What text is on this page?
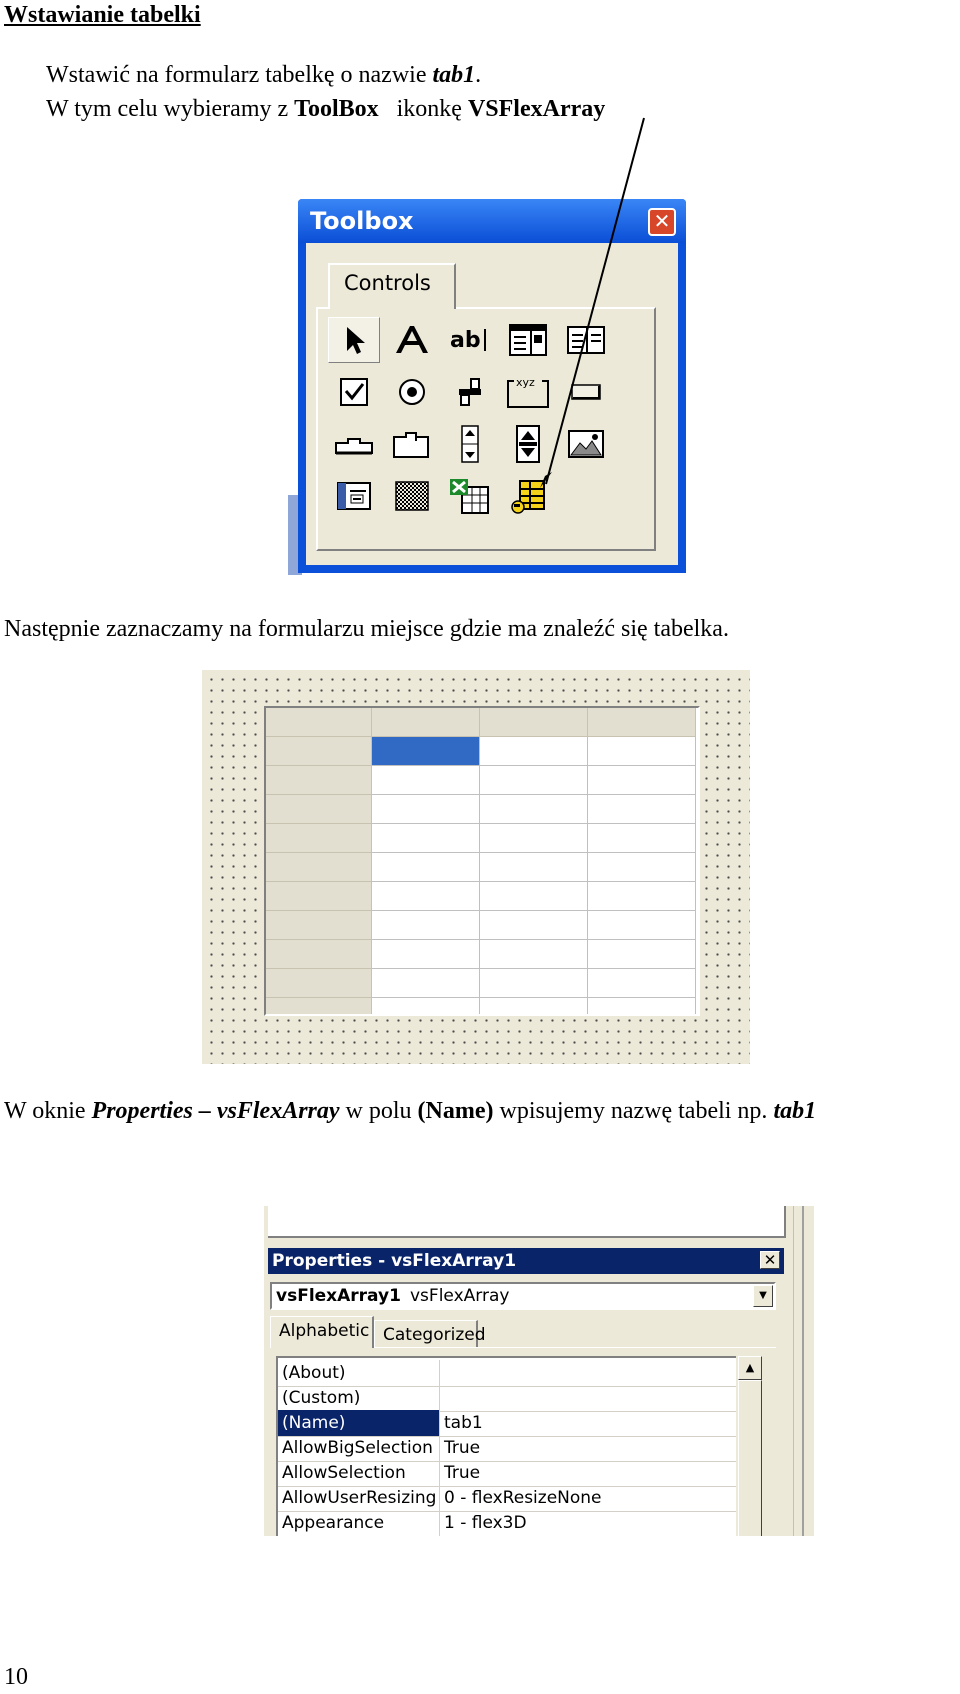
Wstawianie tabelki
Wstawić na formularz tabelkę o nazwie tab1.
W tym celu wybieramy z ToolBox ikonkę VSFlexArray
Toolbox	✕
Controls
ab
xyz
Następnie zaznaczamy na formularzu miejsce gdzie ma znaleźć się tabelka.
W oknie Properties – vsFlexArray w polu (Name) wpisujemy nazwę tabeli np. tab1
Properties - vsFlexArray1	✕
vsFlexArray1 vsFlexArray	▼
Alphabetic Categorized
(About)
(Custom)
(Name)	tab1
AllowBigSelection True
AllowSelection	True
AllowUserResizing 0 - flexResizeNone
Appearance	1 - flex3D
▲
10
